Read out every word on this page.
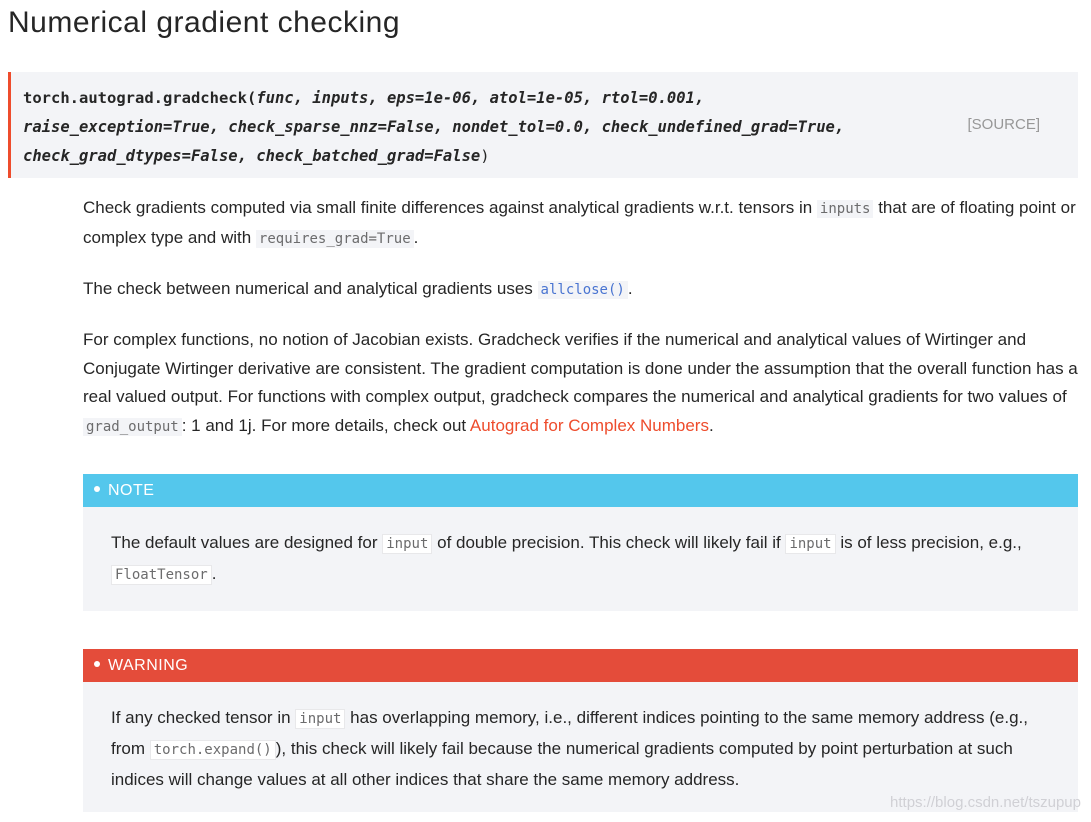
Numerical gradient checking
torch.autograd.gradcheck(func, inputs, eps=1e-06, atol=1e-05, rtol=0.001,
raise_exception=True, check_sparse_nnz=False, nondet_tol=0.0, check_undefined_grad=True,
check_grad_dtypes=False, check_batched_grad=False)
[SOURCE]

Check gradients computed via small finite differences against analytical gradients w.r.t. tensors in inputs that are of floating point or complex type and with requires_grad=True .

The check between numerical and analytical gradients uses allclose() .

For complex functions, no notion of Jacobian exists. Gradcheck verifies if the numerical and analytical values of Wirtinger and Conjugate Wirtinger derivative are consistent. The gradient computation is done under the assumption that the overall function has a real valued output. For functions with complex output, gradcheck compares the numerical and analytical gradients for two values of grad_output : 1 and 1j. For more details, check out Autograd for Complex Numbers.

NOTE
The default values are designed for input of double precision. This check will likely fail if input is of less precision, e.g., FloatTensor .
WARNING
If any checked tensor in input has overlapping memory, i.e., different indices pointing to the same memory address (e.g., from torch.expand() ), this check will likely fail because the numerical gradients computed by point perturbation at such indices will change values at all other indices that share the same memory address.
https://blog.csdn.net/tszupup
